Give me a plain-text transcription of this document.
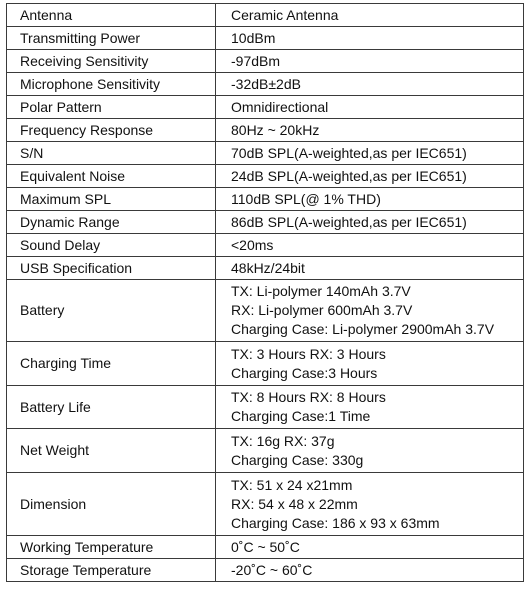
Antenna	Ceramic Antenna

Transmitting Power	10dBm

Receiving Sensitivity	-97dBm

Microphone Sensitivity	-32dB±2dB

Polar Pattern	Omnidirectional

Frequency Response	80Hz ~ 20kHz

S/N	70dB SPL(A-weighted,as per IEC651)

Equivalent Noise	24dB SPL(A-weighted,as per IEC651)

Maximum SPL	110dB SPL(@ 1% THD)

Dynamic Range	86dB SPL(A-weighted,as per IEC651)

Sound Delay	<20ms

USB Specification	48kHz/24bit

Battery	TX: Li-polymer 140mAh 3.7V
RX: Li-polymer 600mAh 3.7V
Charging Case: Li-polymer 2900mAh 3.7V

Charging Time	TX: 3 Hours RX: 3 Hours
Charging Case:3 Hours

Battery Life	TX: 8 Hours RX: 8 Hours
Charging Case:1 Time

Net Weight	TX: 16g RX: 37g
Charging Case: 330g

Dimension	TX: 51 x 24 x21mm
RX: 54 x 48 x 22mm
Charging Case: 186 x 93 x 63mm

Working Temperature	0˚C ~ 50˚C

Storage Temperature	-20˚C ~ 60˚C
